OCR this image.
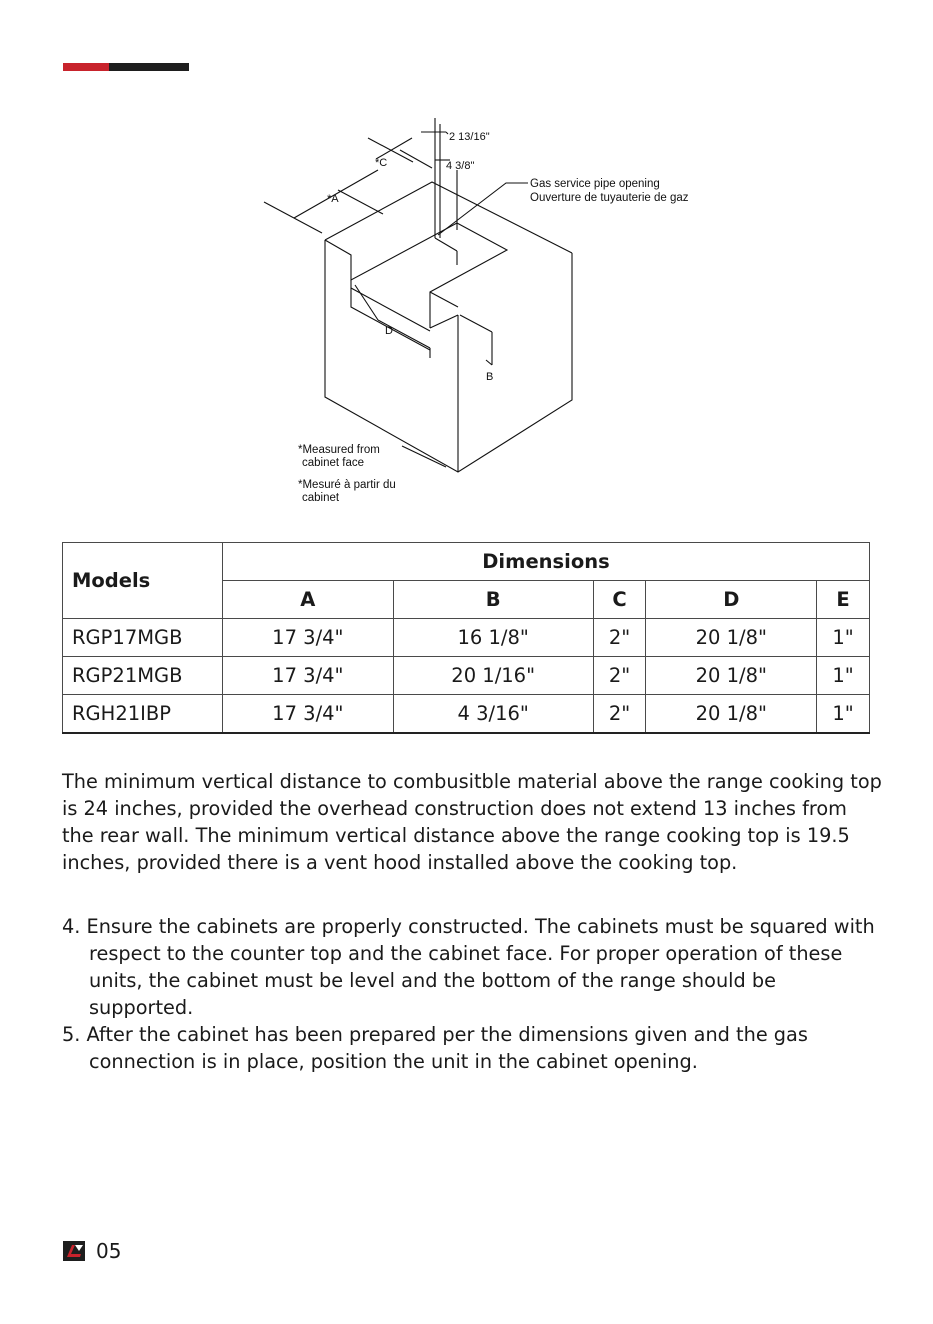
*A
*C
D
B
2 13/16"
4 3/8"
Gas service pipe opening
Ouverture de tuyauterie de gaz
*Measured from
cabinet face
*Mesuré à partir du
cabinet
Models	Dimensions				
	A	B	C	D	E
RGP17MGB	17 3/4"	16 1/8"	2"	20 1/8"	1"
RGP21MGB	17 3/4"	20 1/16"	2"	20 1/8"	1"
RGH21IBP	17 3/4"	4 3/16"	2"	20 1/8"	1"

The minimum vertical distance to combusitble material above the range cooking top is 24 inches, provided the overhead construction does not extend 13 inches from the rear wall. The minimum vertical distance above the range cooking top is 19.5 inches, provided there is a vent hood installed above the cooking top.

4. Ensure the cabinets are properly constructed. The cabinets must be squared with respect to the counter top and the cabinet face. For proper operation of these units, the cabinet must be level and the bottom of the range should be supported.
5. After the cabinet has been prepared per the dimensions given and the gas connection is in place, position the unit in the cabinet opening.
05
